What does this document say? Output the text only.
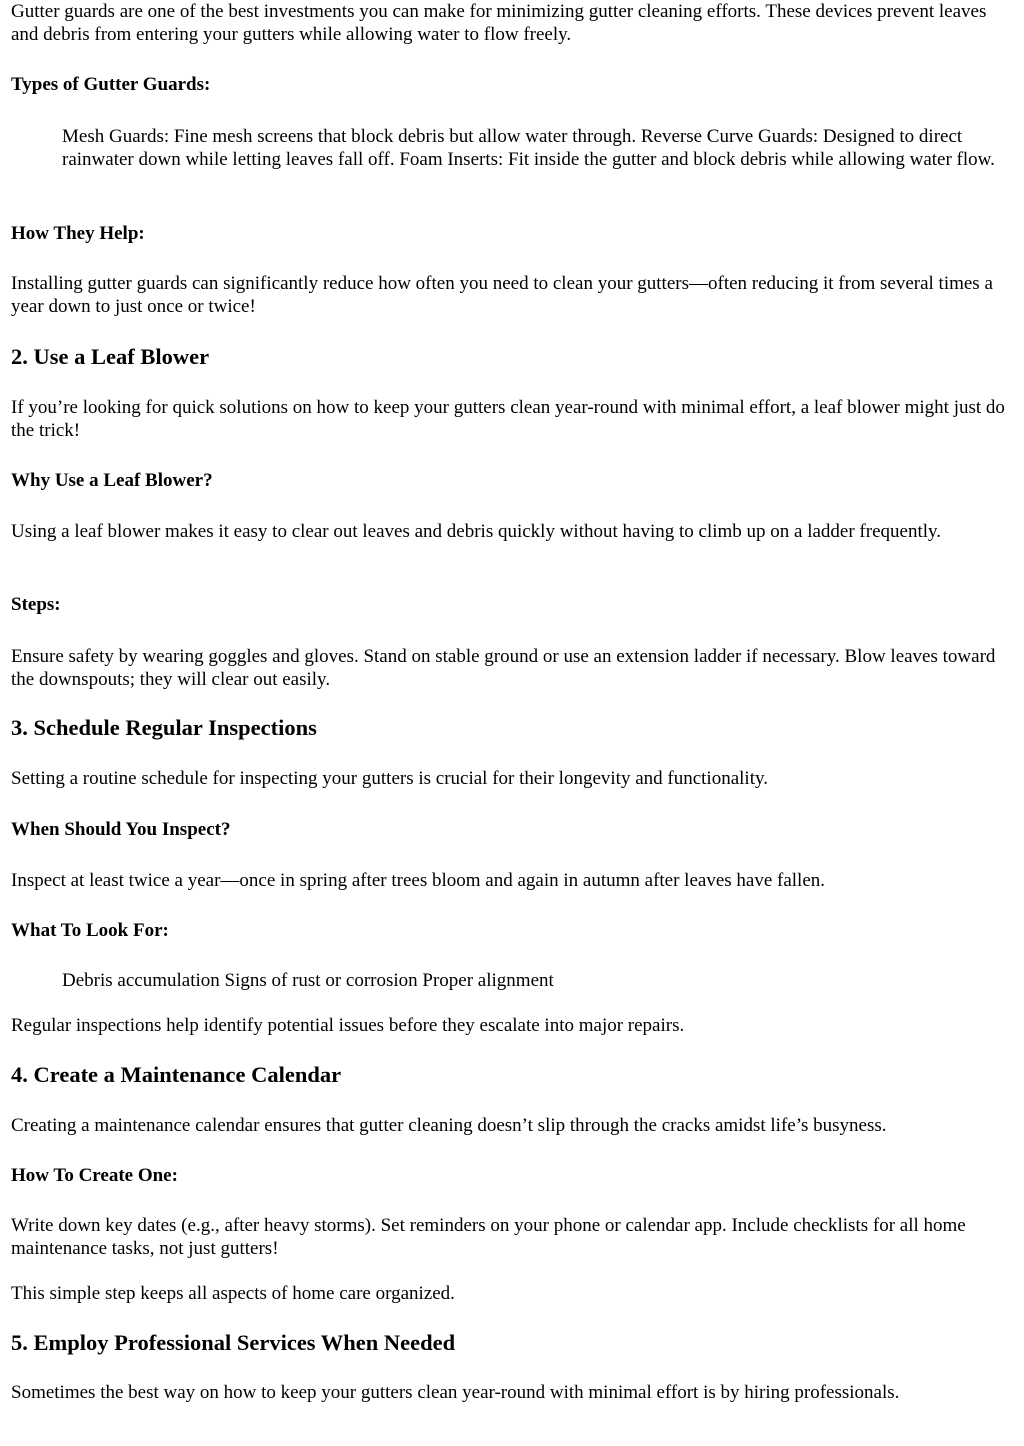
Gutter guards are one of the best investments you can make for minimizing gutter cleaning efforts. These devices prevent leaves and debris from entering your gutters while allowing water to flow freely.

Types of Gutter Guards:

Mesh Guards: Fine mesh screens that block debris but allow water through. Reverse Curve Guards: Designed to direct rainwater down while letting leaves fall off. Foam Inserts: Fit inside the gutter and block debris while allowing water flow.

How They Help:

Installing gutter guards can significantly reduce how often you need to clean your gutters—often reducing it from several times a year down to just once or twice!

2. Use a Leaf Blower

If you’re looking for quick solutions on how to keep your gutters clean year-round with minimal effort, a leaf blower might just do the trick!

Why Use a Leaf Blower?

Using a leaf blower makes it easy to clear out leaves and debris quickly without having to climb up on a ladder frequently.

Steps:

Ensure safety by wearing goggles and gloves. Stand on stable ground or use an extension ladder if necessary. Blow leaves toward the downspouts; they will clear out easily.

3. Schedule Regular Inspections

Setting a routine schedule for inspecting your gutters is crucial for their longevity and functionality.

When Should You Inspect?

Inspect at least twice a year—once in spring after trees bloom and again in autumn after leaves have fallen.

What To Look For:

Debris accumulation Signs of rust or corrosion Proper alignment

Regular inspections help identify potential issues before they escalate into major repairs.

4. Create a Maintenance Calendar

Creating a maintenance calendar ensures that gutter cleaning doesn’t slip through the cracks amidst life’s busyness.

How To Create One:

Write down key dates (e.g., after heavy storms). Set reminders on your phone or calendar app. Include checklists for all home maintenance tasks, not just gutters!

This simple step keeps all aspects of home care organized.

5. Employ Professional Services When Needed

Sometimes the best way on how to keep your gutters clean year-round with minimal effort is by hiring professionals.
